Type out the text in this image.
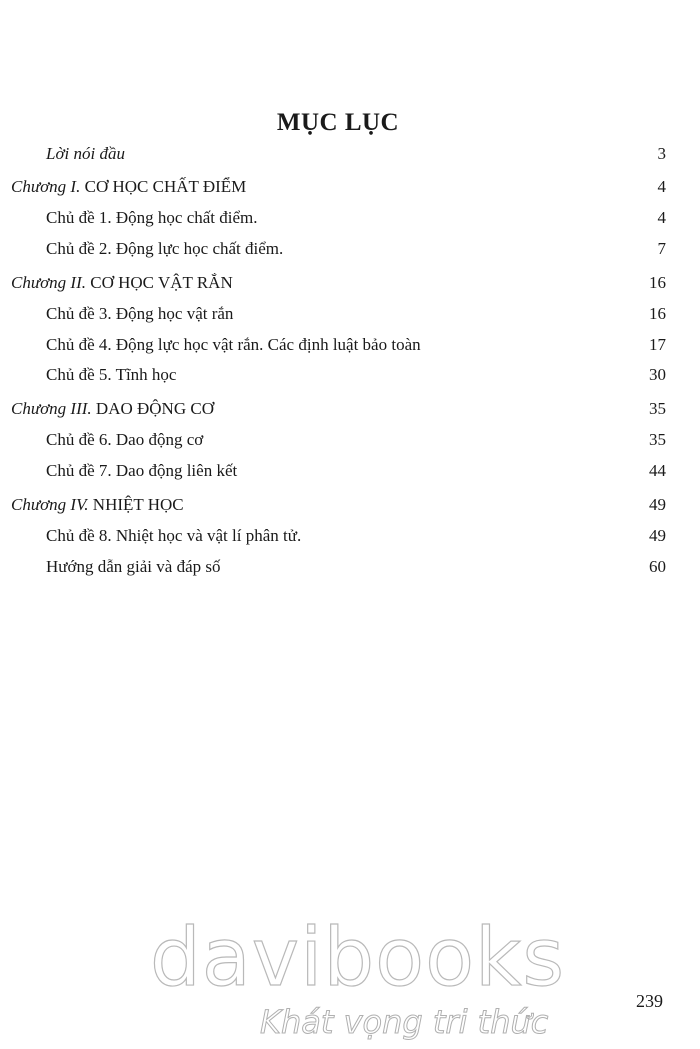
MỤC LỤC
Lời nói đầu	3
Chương I. CƠ HỌC CHẤT ĐIỂM	4
Chủ đề 1. Động học chất điểm.	4
Chủ đề 2. Động lực học chất điểm.	7
Chương II. CƠ HỌC VẬT RẮN	16
Chủ đề 3. Động học vật rắn	16
Chủ đề 4. Động lực học vật rắn. Các định luật bảo toàn	17
Chủ đề 5. Tĩnh học	30
Chương III. DAO ĐỘNG CƠ	35
Chủ đề 6. Dao động cơ	35
Chủ đề 7. Dao động liên kết	44
Chương IV. NHIỆT HỌC	49
Chủ đề 8. Nhiệt học và vật lí phân tử.	49
Hướng dẫn giải và đáp số	60
davibooks
Khát vọng tri thức
239
